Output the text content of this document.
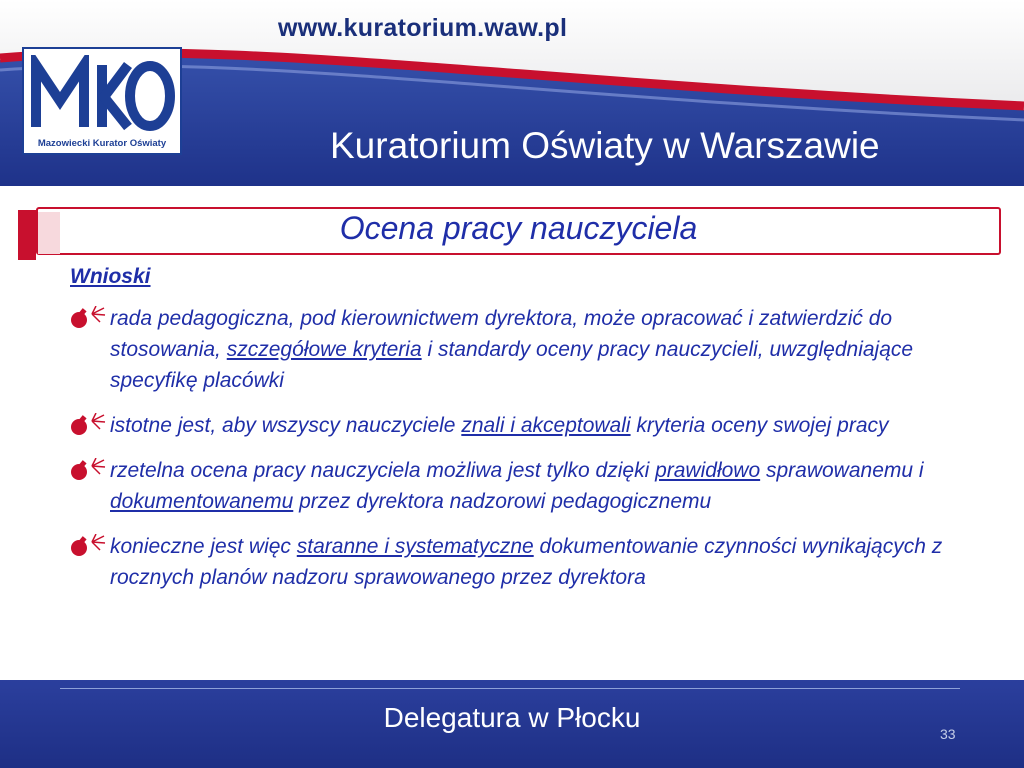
www.kuratorium.waw.pl
Mazowiecki Kurator Oświaty	Kuratorium Oświaty w Warszawie
Ocena pracy nauczyciela
Wnioski
rada pedagogiczna, pod kierownictwem dyrektora, może opracować i zatwierdzić do stosowania, szczegółowe kryteria i standardy oceny pracy nauczycieli, uwzględniające specyfikę placówki
istotne jest, aby wszyscy nauczyciele znali i akceptowali kryteria oceny swojej pracy
rzetelna ocena pracy nauczyciela możliwa jest tylko dzięki prawidłowo sprawowanemu i dokumentowanemu przez dyrektora nadzorowi pedagogicznemu
konieczne jest więc staranne i systematyczne dokumentowanie czynności wynikających z rocznych planów nadzoru sprawowanego przez dyrektora
Delegatura w Płocku
33
